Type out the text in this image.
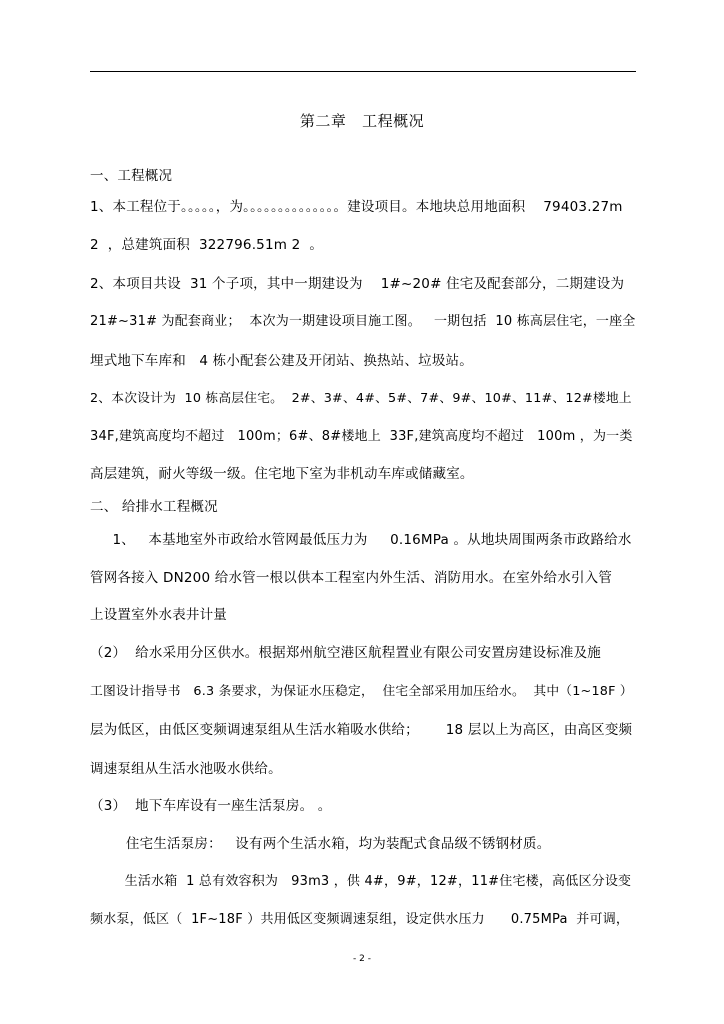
第二章   工程概况
一、工程概况
1、本工程位于。。。。。，为。。。。。。。。。。。。。。建设项目。本地块总用地面积    79403.27m
2  ，总建筑面积  322796.51m 2  。
2、本项目共设  31 个子项，其中一期建设为    1#~20# 住宅及配套部分，二期建设为
21#~31# 为配套商业；  本次为一期建设项目施工图。   一期包括  10 栋高层住宅，一座全
埋式地下车库和   4 栋小配套公建及开闭站、换热站、垃圾站。
2、本次设计为  10 栋高层住宅。  2#、3#、4#、5#、7#、9#、10#、11#、12#楼地上
34F,建筑高度均不超过   100m；6#、8#楼地上  33F,建筑高度均不超过   100m ，为一类
高层建筑，耐火等级一级。住宅地下室为非机动车库或储藏室。
二、 给排水工程概况
1、   本基地室外市政给水管网最低压力为     0.16MPa 。从地块周围两条市政路给水
管网各接入 DN200 给水管一根以供本工程室内外生活、消防用水。在室外给水引入管
上设置室外水表井计量
（2）  给水采用分区供水。根据郑州航空港区航程置业有限公司安置房建设标准及施
工图设计指导书   6.3 条要求，为保证水压稳定，  住宅全部采用加压给水。  其中（1~18F ）
层为低区，由低区变频调速泵组从生活水箱吸水供给；      18 层以上为高区，由高区变频
调速泵组从生活水池吸水供给。
（3）  地下车库设有一座生活泵房。 。
住宅生活泵房：   设有两个生活水箱，均为装配式食品级不锈钢材质。
生活水箱  1 总有效容积为   93m3 ，供 4#，9#，12#，11#住宅楼，高低区分设变
频水泵，低区（  1F~18F ）共用低区变频调速泵组，设定供水压力      0.75MPa  并可调，
- 2 -
